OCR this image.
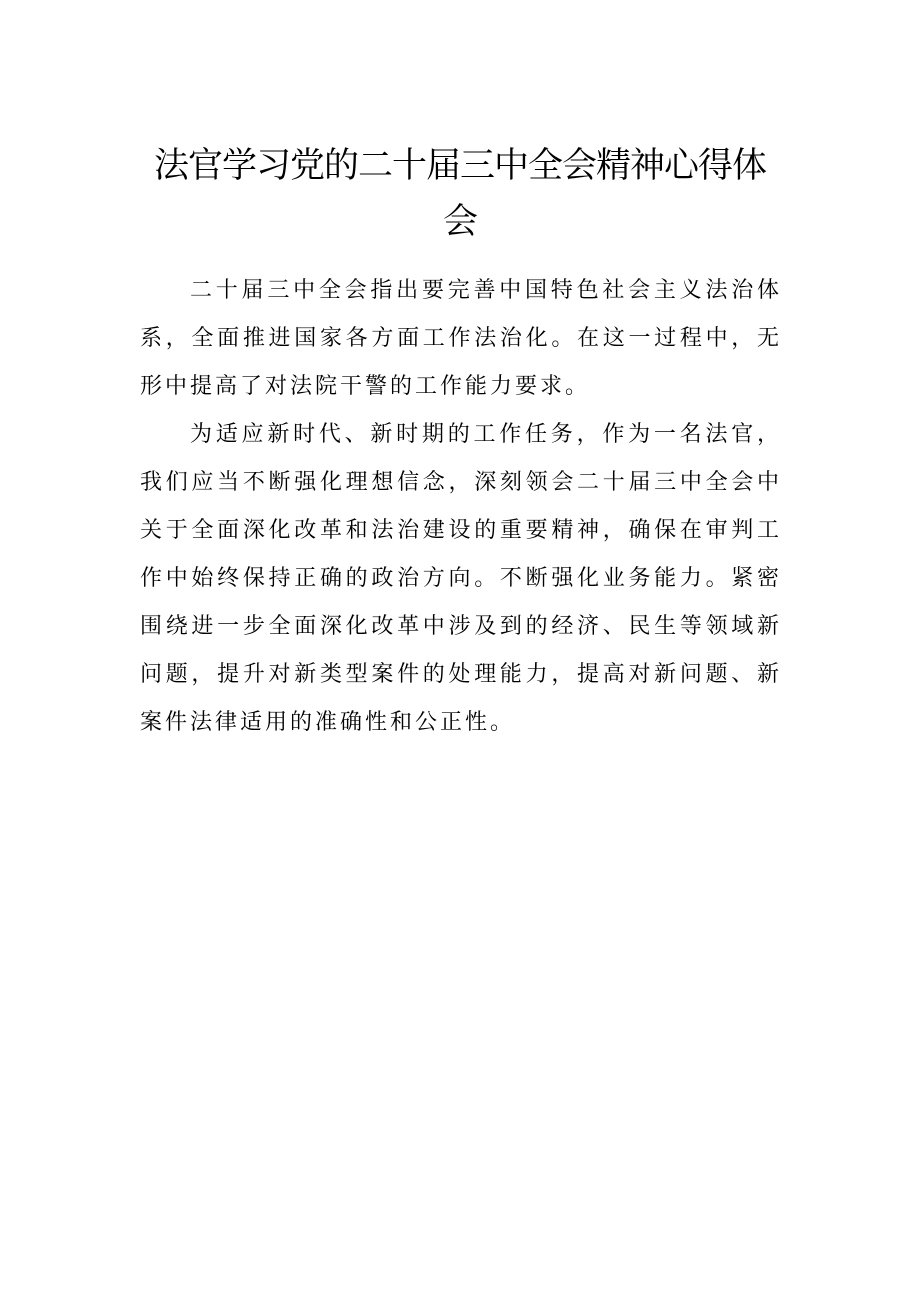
法官学习党的二十届三中全会精神心得体
会

二十届三中全会指出要完善中国特色社会主义法治体系，全面推进国家各方面工作法治化。在这一过程中，无形中提高了对法院干警的工作能力要求。

为适应新时代、新时期的工作任务，作为一名法官，我们应当不断强化理想信念，深刻领会二十届三中全会中关于全面深化改革和法治建设的重要精神，确保在审判工作中始终保持正确的政治方向。不断强化业务能力。紧密围绕进一步全面深化改革中涉及到的经济、民生等领域新问题，提升对新类型案件的处理能力，提高对新问题、新案件法律适用的准确性和公正性。
